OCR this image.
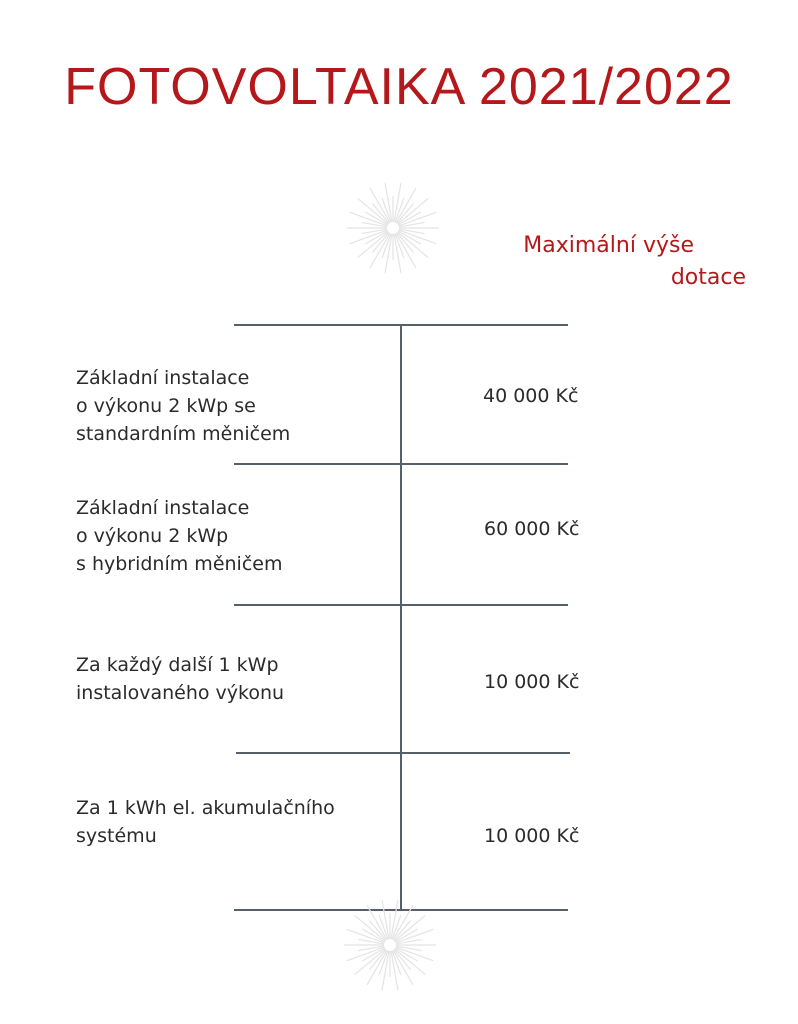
FOTOVOLTAIKA 2021/2022
Maximální výše
dotace
Základní instalace
o výkonu 2 kWp se
standardním měničem
40 000 Kč
Základní instalace
o výkonu 2 kWp
s hybridním měničem
60 000 Kč
Za každý další 1 kWp
instalovaného výkonu	10 000 Kč
Za 1 kWh el. akumulačního
systému	10 000 Kč
